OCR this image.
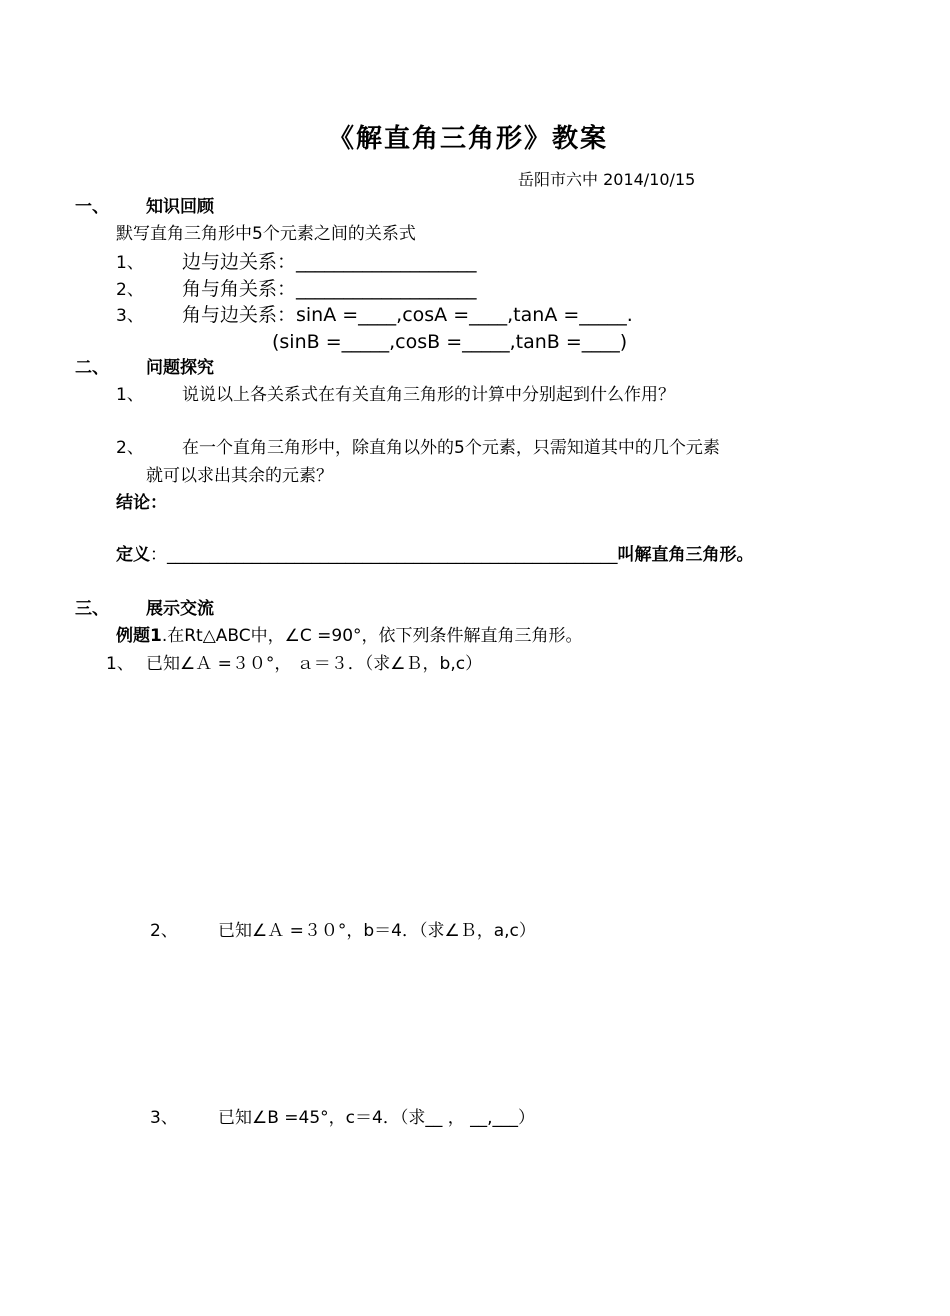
《解直角三角形》教案
岳阳市六中 2014/10/15
一、 知识回顾
默写直角三角形中5个元素之间的关系式
1、 边与边关系：___________________
2、 角与角关系：___________________
3、 角与边关系：sinA =____,cosA =____,tanA =_____.
(sinB =_____,cosB =_____,tanB =____)
二、 问题探究
1、 说说以上各关系式在有关直角三角形的计算中分别起到什么作用？
2、 在一个直角三角形中，除直角以外的5个元素，只需知道其中的几个元素
就可以求出其余的元素？
结论：
定义：_____________________________________________________叫解直角三角形。
三、 展示交流
例题1.在Rt△ABC中，∠C =90°，依下列条件解直角三角形。
1、 已知∠Ａ =３０°， ａ＝３．（求∠Ｂ，b,c）
2、 已知∠Ａ =３０°，b＝4．（求∠Ｂ，a,c）
3、 已知∠B =45°，c＝4．（求__ ， __,___）
